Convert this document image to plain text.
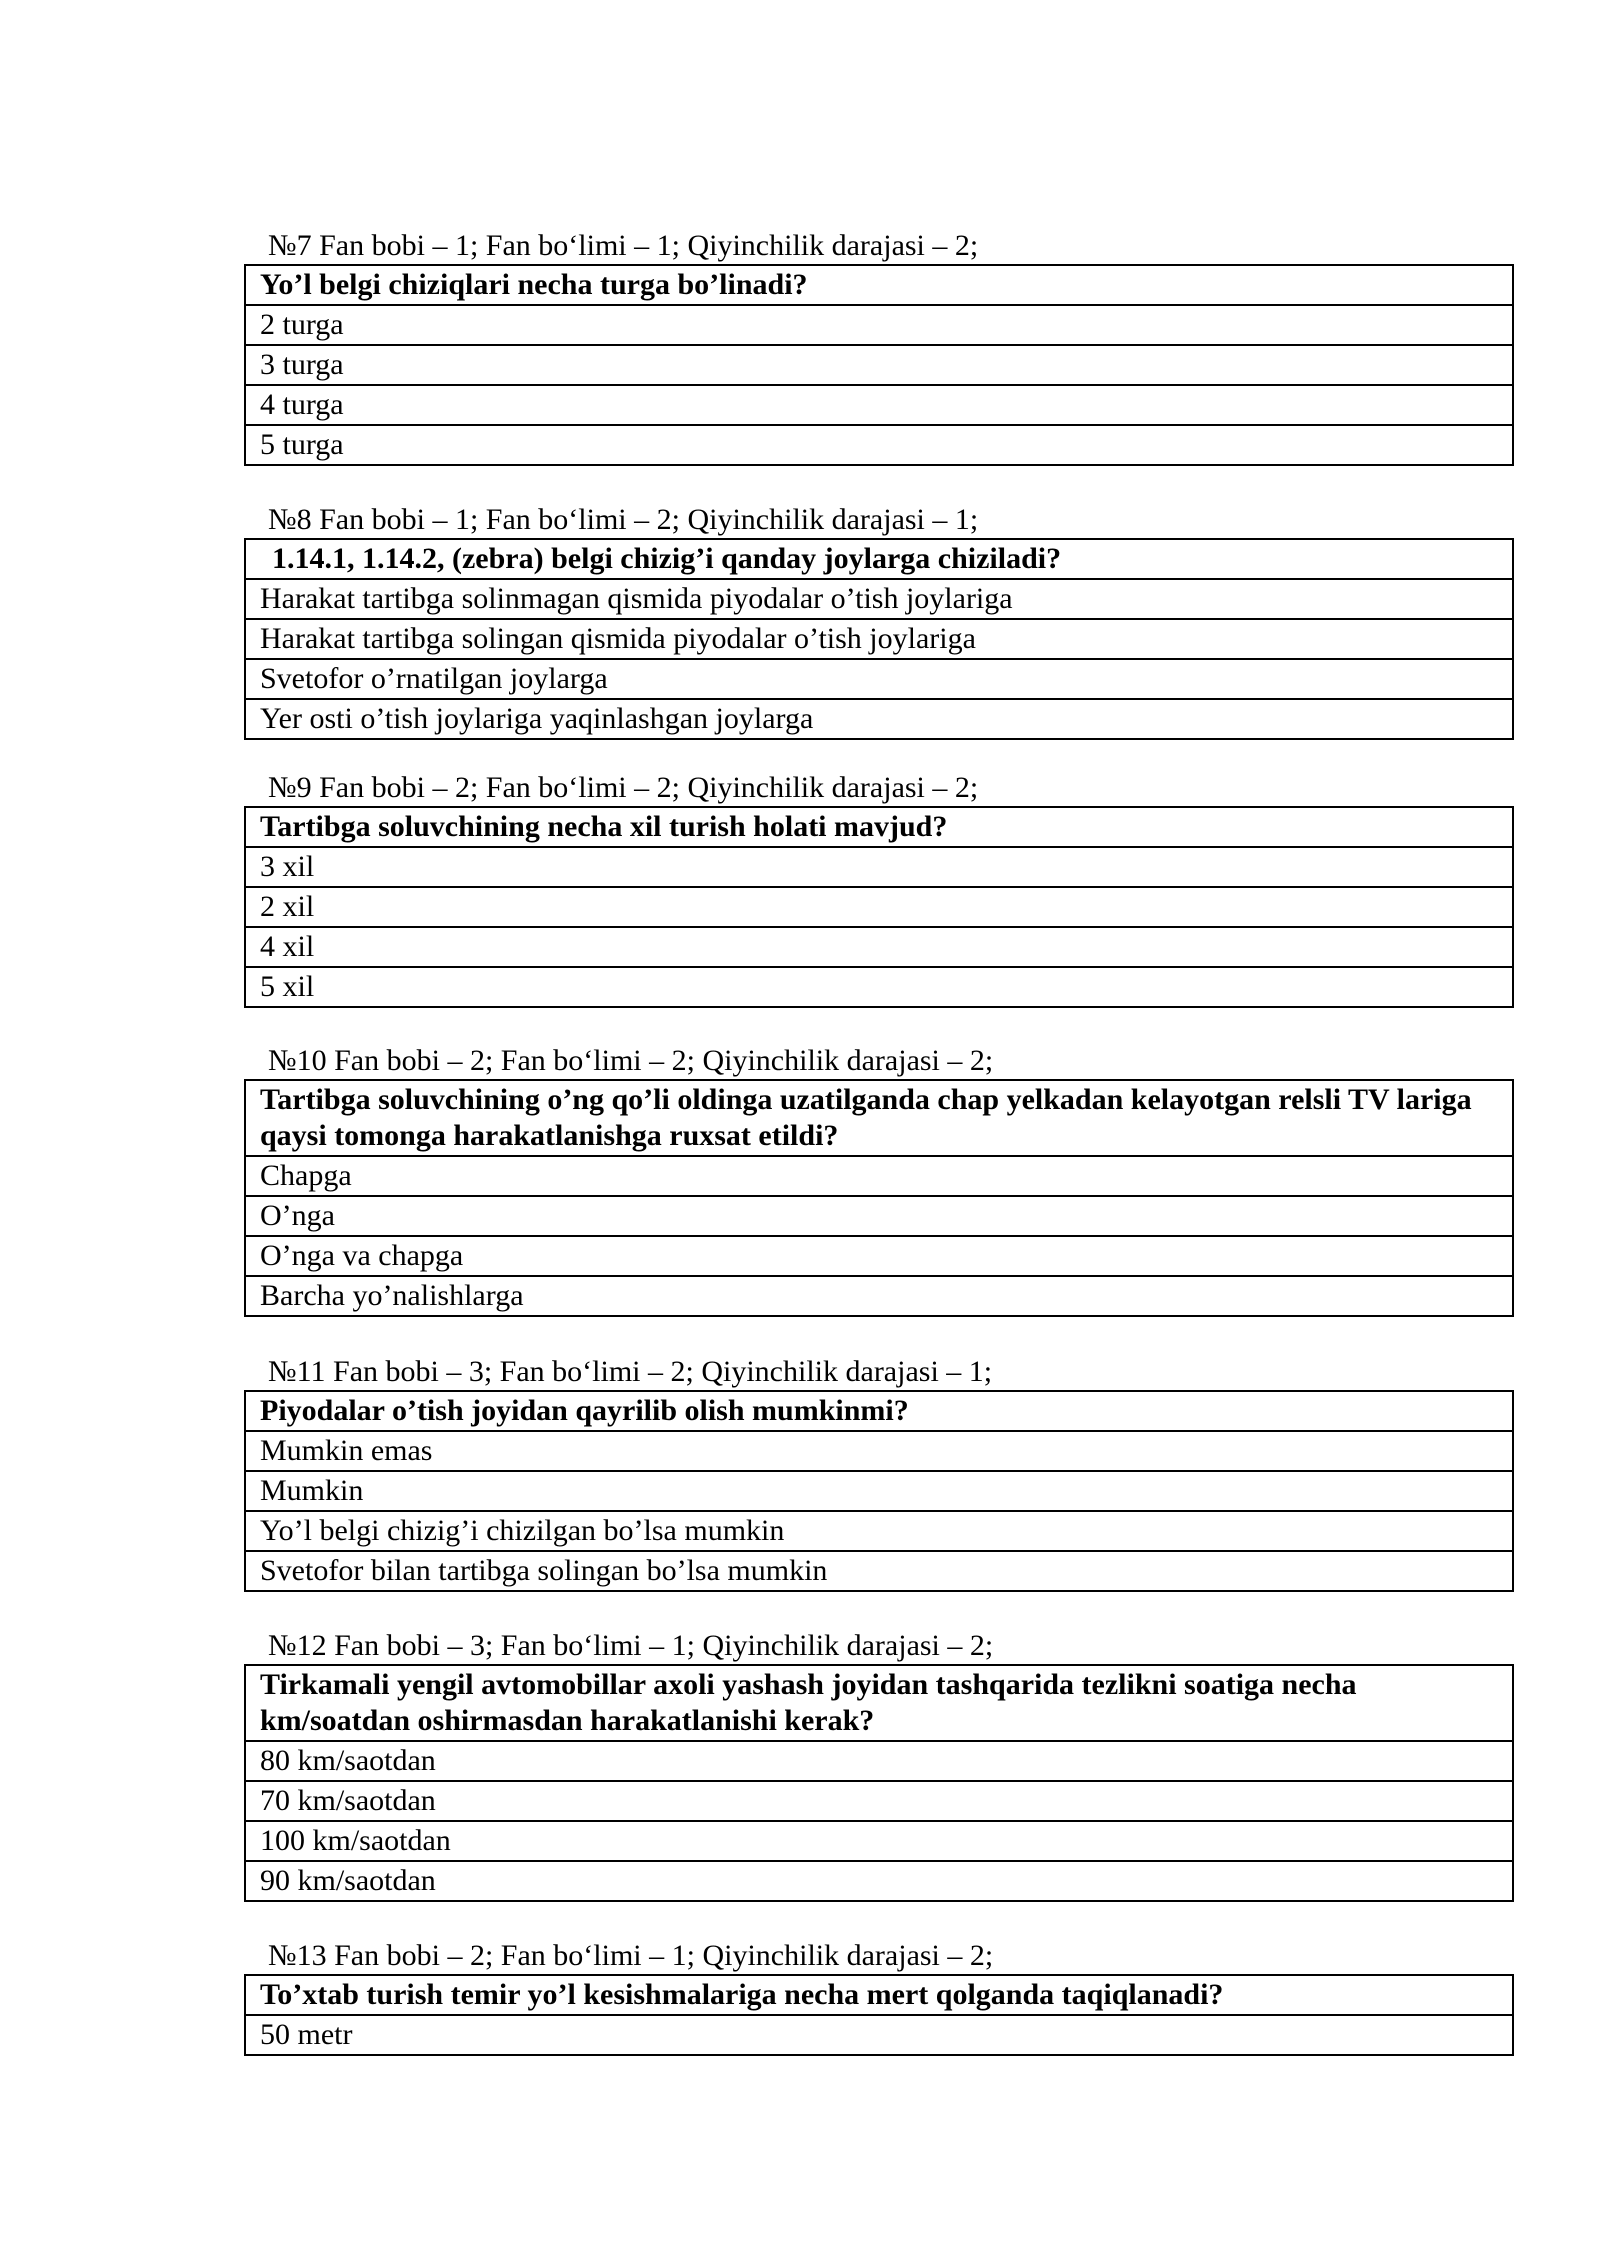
№7 Fan bobi – 1; Fan bo‘limi – 1; Qiyinchilik darajasi – 2;
Yo’l belgi chiziqlari necha turga bo’linadi?
2 turga
3 turga
4 turga
5 turga
№8 Fan bobi – 1; Fan bo‘limi – 2; Qiyinchilik darajasi – 1;
1.14.1, 1.14.2, (zebra) belgi chizig’i qanday joylarga chiziladi?
Harakat tartibga solinmagan qismida piyodalar o’tish joylariga
Harakat tartibga solingan qismida piyodalar o’tish joylariga
Svetofor o’rnatilgan joylarga
Yer osti o’tish joylariga yaqinlashgan joylarga
№9 Fan bobi – 2; Fan bo‘limi – 2; Qiyinchilik darajasi – 2;
Tartibga soluvchining necha xil turish holati mavjud?
3 xil
2 xil
4 xil
5 xil
№10 Fan bobi – 2; Fan bo‘limi – 2; Qiyinchilik darajasi – 2;
Tartibga soluvchining o’ng qo’li oldinga uzatilganda chap yelkadan kelayotgan relsli TV lariga qaysi tomonga harakatlanishga ruxsat etildi?
Chapga
O’nga
O’nga va chapga
Barcha yo’nalishlarga
№11 Fan bobi – 3; Fan bo‘limi – 2; Qiyinchilik darajasi – 1;
Piyodalar o’tish joyidan qayrilib olish mumkinmi?
Mumkin emas
Mumkin
Yo’l belgi chizig’i chizilgan bo’lsa mumkin
Svetofor bilan tartibga solingan bo’lsa mumkin
№12 Fan bobi – 3; Fan bo‘limi – 1; Qiyinchilik darajasi – 2;
Tirkamali yengil avtomobillar axoli yashash joyidan tashqarida tezlikni soatiga necha km/soatdan oshirmasdan harakatlanishi kerak?
80 km/saotdan
70 km/saotdan
100 km/saotdan
90 km/saotdan
№13 Fan bobi – 2; Fan bo‘limi – 1; Qiyinchilik darajasi – 2;
To’xtab turish temir yo’l kesishmalariga necha mert qolganda taqiqlanadi?
50 metr
